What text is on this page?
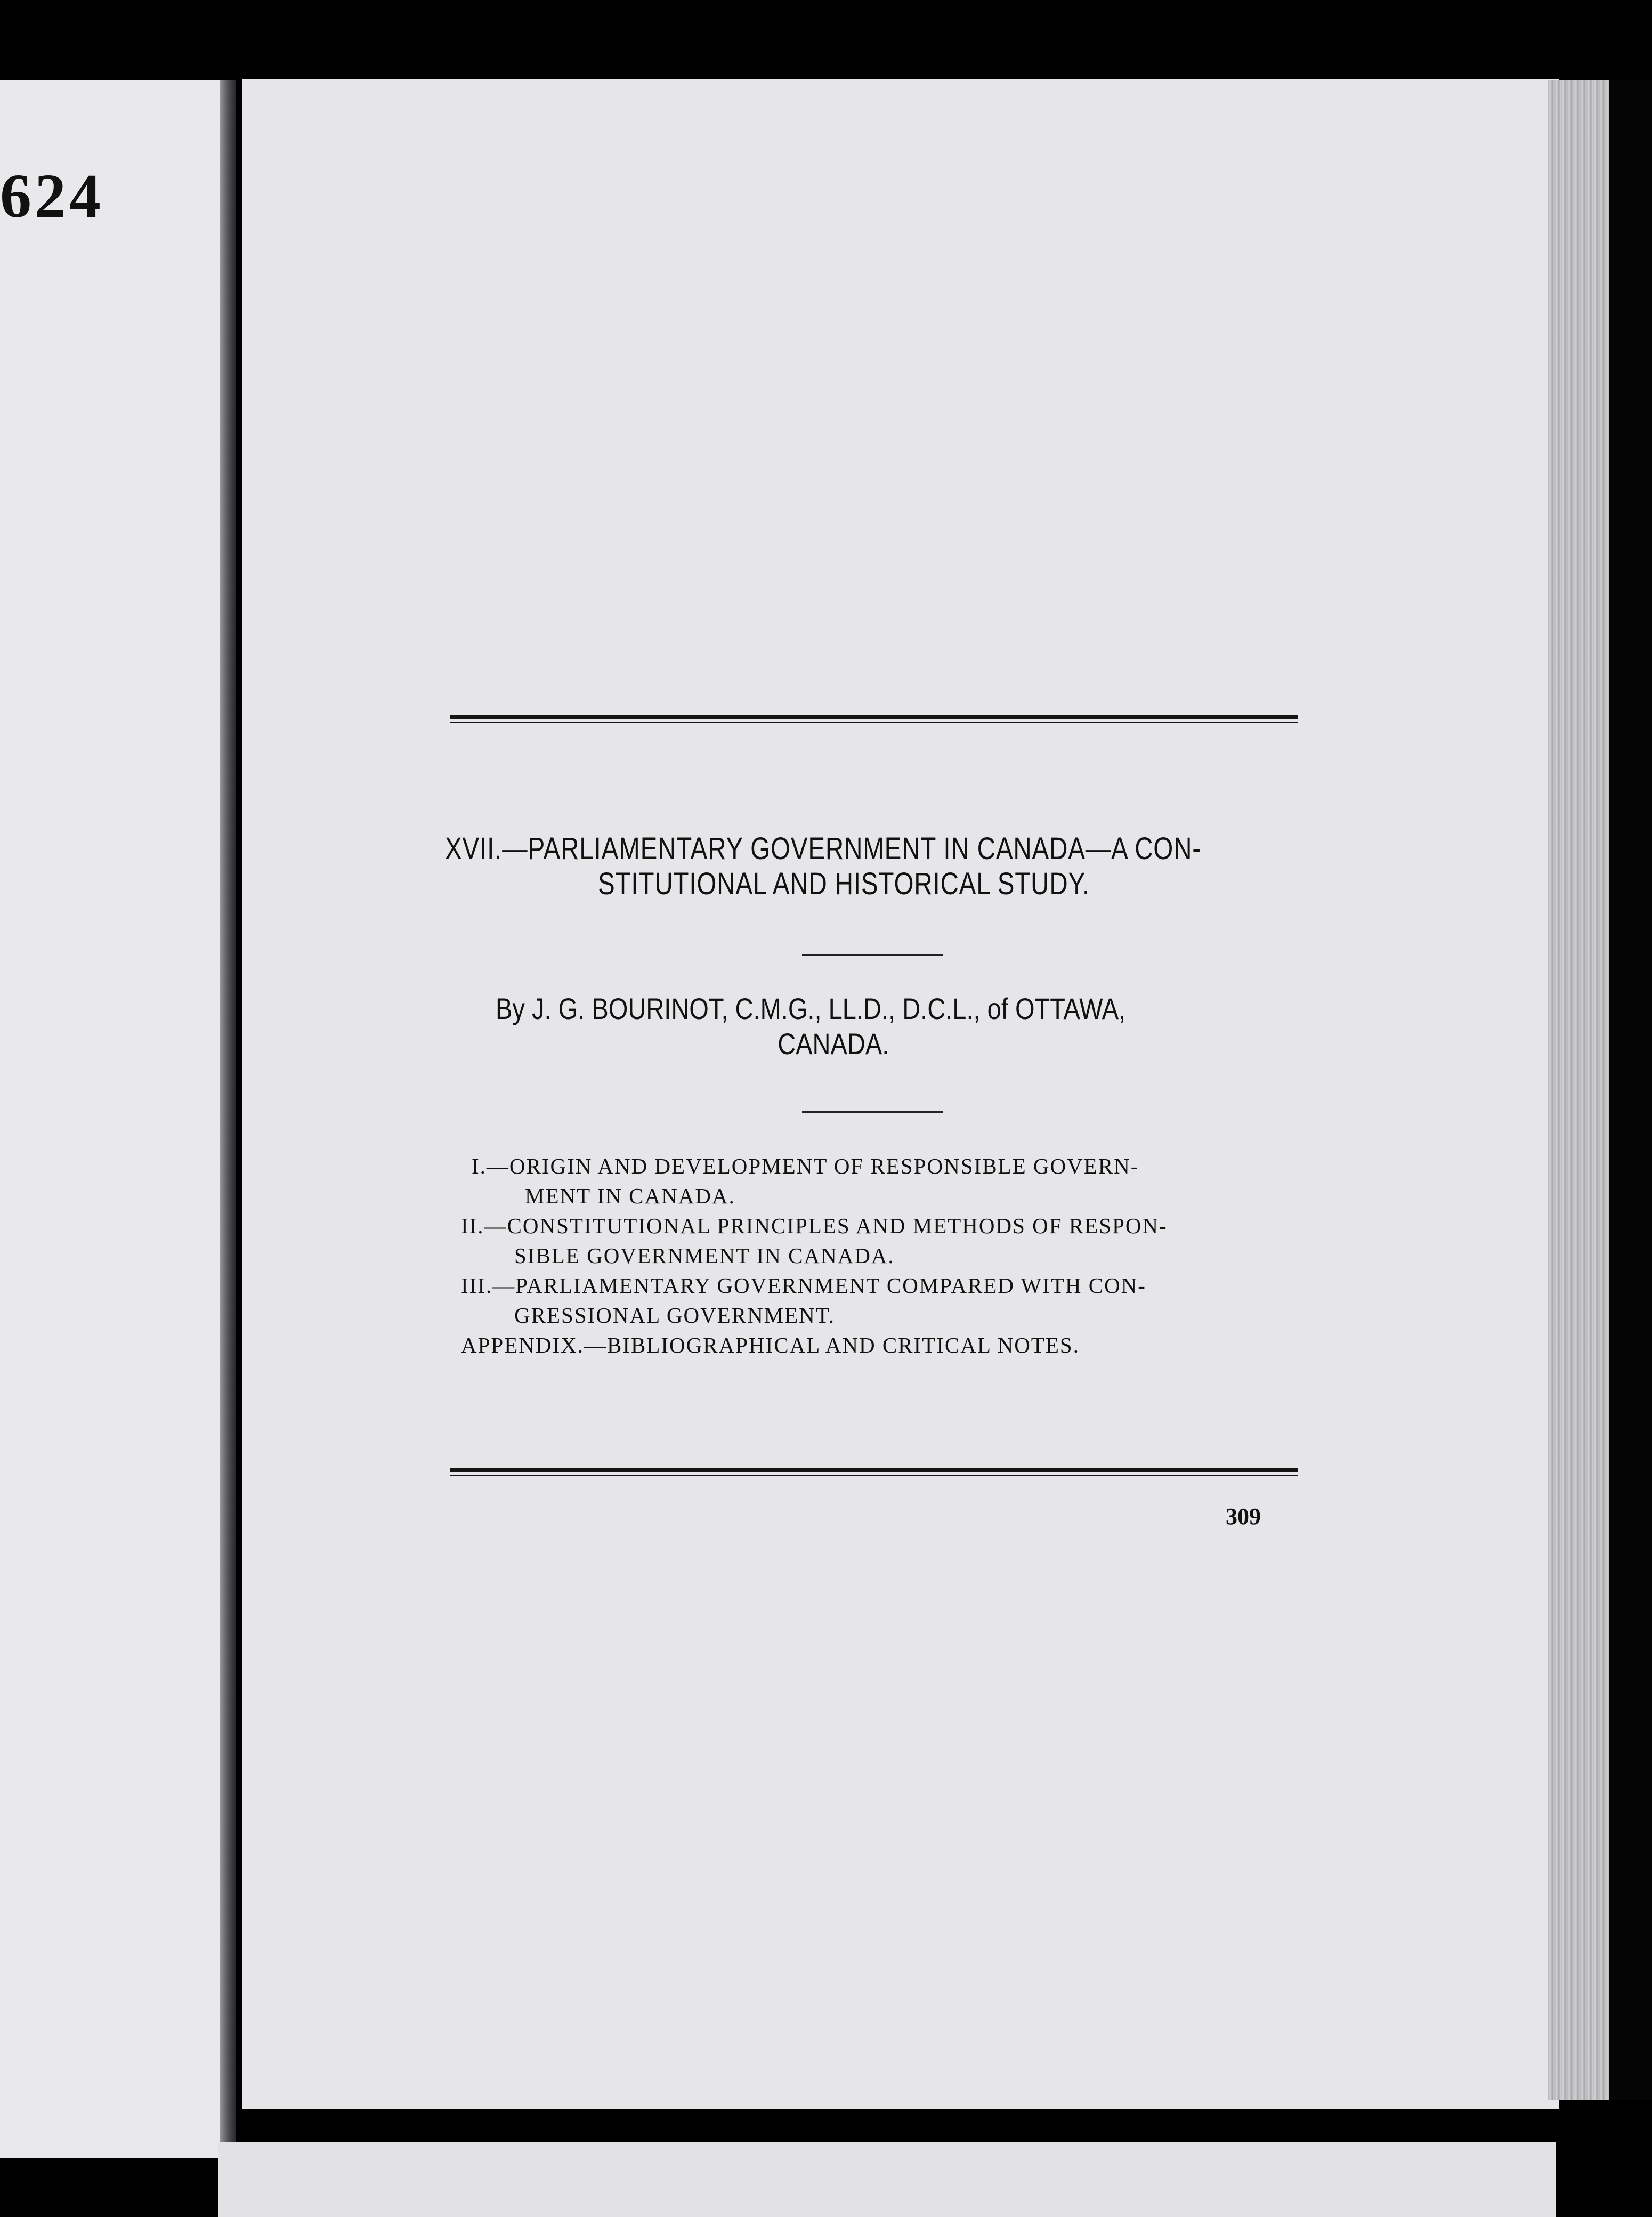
624
XVII.—PARLIAMENTARY GOVERNMENT IN CANADA—A CON-
STITUTIONAL AND HISTORICAL STUDY.
By J. G. BOURINOT, C.M.G., LL.D., D.C.L., of OTTAWA,
CANADA.
I.—ORIGIN AND DEVELOPMENT OF RESPONSIBLE GOVERN-
MENT IN CANADA.
II.—CONSTITUTIONAL PRINCIPLES AND METHODS OF RESPON-
SIBLE GOVERNMENT IN CANADA.
III.—PARLIAMENTARY GOVERNMENT COMPARED WITH CON-
GRESSIONAL GOVERNMENT.
APPENDIX.—BIBLIOGRAPHICAL AND CRITICAL NOTES.
309
